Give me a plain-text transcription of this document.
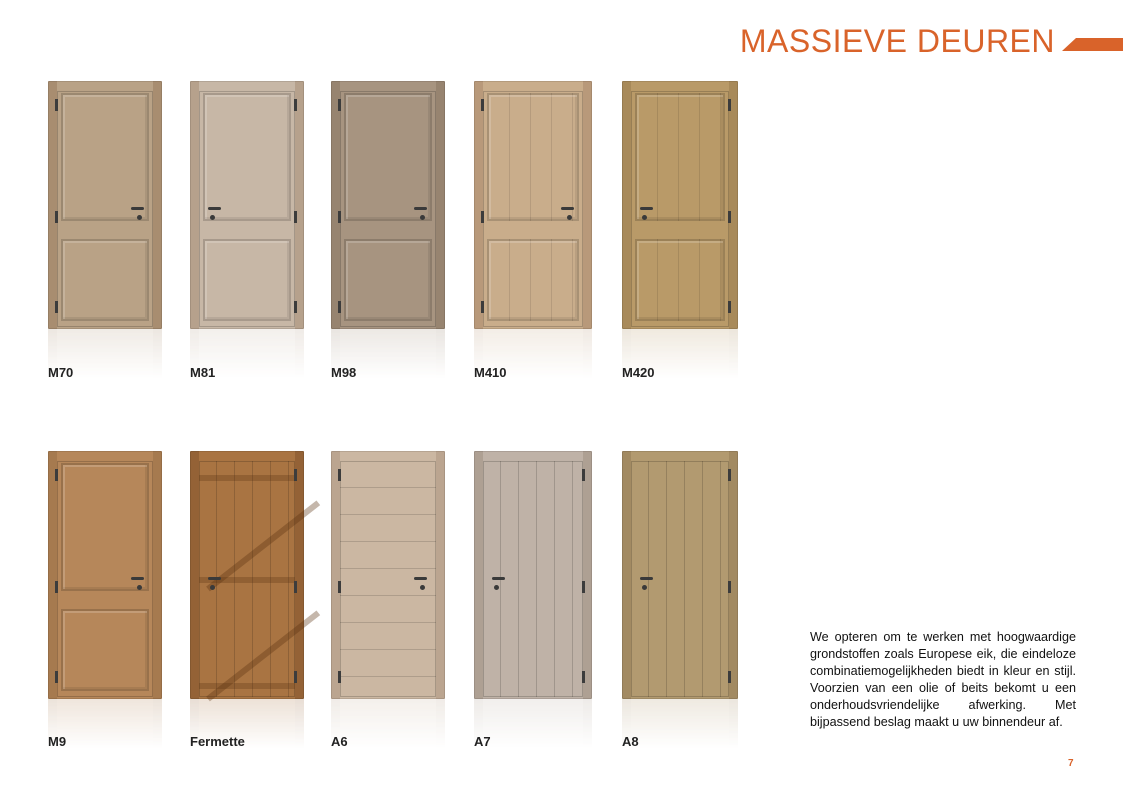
MASSIEVE DEUREN
M70	M81	M98	M410	M420
M9	Fermette	A6	A7	A8
We opteren om te werken met hoogwaardige grondstoffen zoals Europese eik, die eindeloze combinatiemogelijkheden biedt in kleur en stijl. Voorzien van een olie of beits bekomt u een onderhoudsvriendelijke afwerking. Met bijpassend beslag maakt u uw binnendeur af.
7
